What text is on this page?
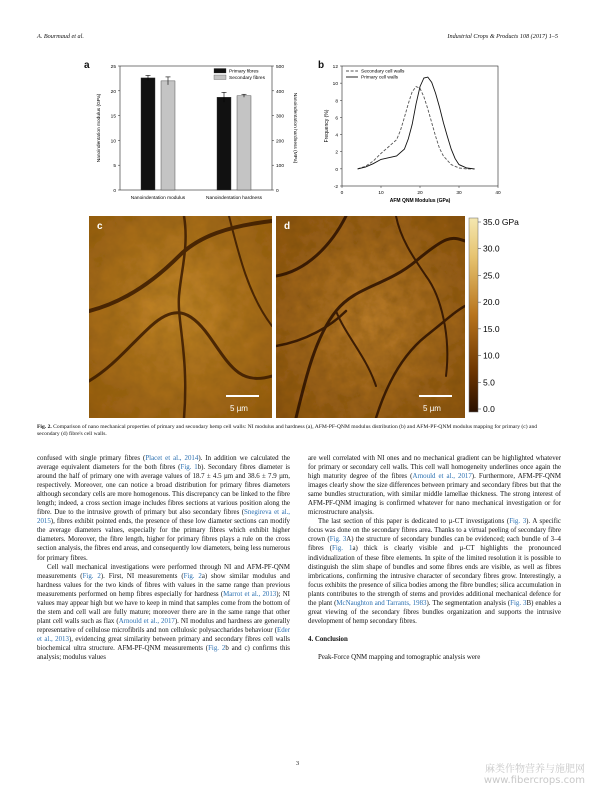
A. Bourmaud et al.	Industrial Crops & Products 108 (2017) 1–5
a	b
0
5
10
15
20
25
0
100
200
300
400
500
Nanoindentation modulus (GPa)	Nanoindentation hardness (MPa)
Nanoindentation modulus	Nanoindentation hardness
Primary fibres
Secondary fibres
-2
0
2
4
6
8
10
12
0	10	20	30	40
AFM QNM Modulus (GPa)
Frequency (%)
Secondary cell walls
Primary cell walls
5 µm
c
5 µm
d	35.0 GPa
30.0
25.0
20.0
15.0
10.0
5.0
0.0
Fig. 2. Comparison of nano mechanical properties of primary and secondary hemp cell walls: NI modulus and hardness (a), AFM-PF-QNM modulus distribution (b) and AFM-PF-QNM modulus mapping for primary (c) and secondary (d) fibre's cell walls.

confused with single primary fibres (Placet et al., 2014). In addition we calculated the average equivalent diameters for the both fibres (Fig. 1b). Secondary fibres diameter is around the half of primary one with average values of 18.7 ± 4.5 µm and 38.6 ± 7.9 µm, respectively. Moreover, one can notice a broad distribution for primary fibres diameters although secondary cells are more homogenous. This discrepancy can be linked to the fibre length; indeed, a cross section image includes fibres sections at various position along the fibre. Due to the intrusive growth of primary but also secondary fibres (Snegireva et al., 2015), fibres exhibit pointed ends, the presence of these low diameter sections can modify the average diameters values, especially for the primary fibres which exhibit higher diameters. Moreover, the fibre length, higher for primary fibres plays a rule on the cross section analysis, the fibres end areas, and consequently low diameters, being less numerous for primary fibres.

Cell wall mechanical investigations were performed through NI and AFM-PF-QNM measurements (Fig. 2). First, NI measurements (Fig. 2a) show similar modulus and hardness values for the two kinds of fibres with values in the same range than previous measurements performed on hemp fibres especially for hardness (Marrot et al., 2013); NI values may appear high but we have to keep in mind that samples come from the bottom of the stem and cell wall are fully mature; moreover there are in the same range that other plant cell walls such as flax (Arnould et al., 2017). NI modulus and hardness are generally representative of cellulose microfibrils and non cellulosic polysaccharides behaviour (Eder et al., 2013), evidencing great similarity between primary and secondary fibres cell walls biochemical ultra structure. AFM-PF-QNM measurements (Fig. 2b and c) confirms this analysis; modulus values

are well correlated with NI ones and no mechanical gradient can be highlighted whatever for primary or secondary cell walls. This cell wall homogeneity underlines once again the high maturity degree of the fibres (Arnould et al., 2017). Furthermore, AFM-PF-QNM images clearly show the size differences between primary and secondary fibres but that the same bundles structuration, with similar middle lamellae thickness. The strong interest of AFM-PF-QNM imaging is confirmed whatever for nano mechanical investigation or for microstructure analysis.

The last section of this paper is dedicated to µ-CT investigations (Fig. 3). A specific focus was done on the secondary fibres area. Thanks to a virtual peeling of secondary fibre crown (Fig. 3A) the structure of secondary bundles can be evidenced; each bundle of 3–4 fibres (Fig. 1a) thick is clearly visible and µ-CT highlights the pronounced individualization of these fibre elements. In spite of the limited resolution it is possible to distinguish the slim shape of bundles and some fibres ends are visible, as well as fibres imbrications, confirming the intrusive character of secondary fibres grow. Interestingly, a focus exhibits the presence of silica bodies among the fibre bundles; silica accumulation in plants contributes to the strength of stems and provides additional mechanical defence for the plant (McNaughton and Tarrants, 1983). The segmentation analysis (Fig. 3B) enables a great viewing of the secondary fibres bundles organization and supports the intrusive development of hemp secondary fibres.

4. Conclusion

Peak-Force QNM mapping and tomographic analysis were

3
麻类作物营养与施肥网
www.fibercrops.com
